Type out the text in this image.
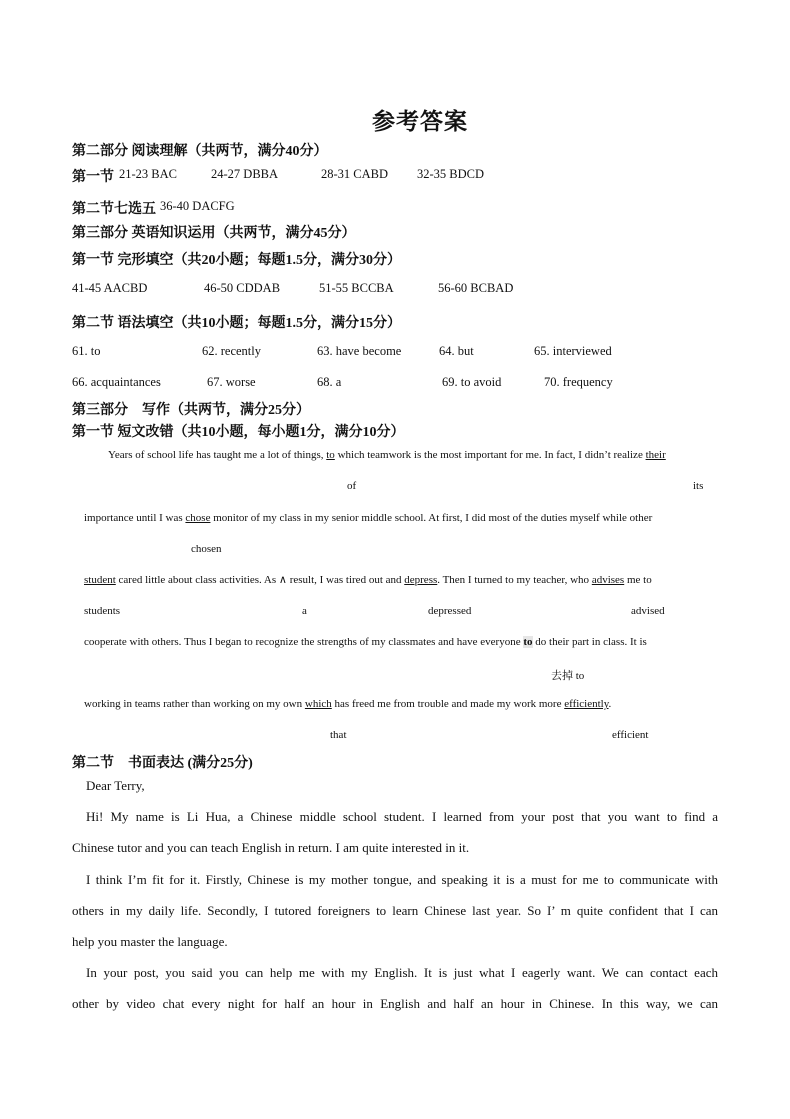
参考答案
第二部分 阅读理解（共两节，满分40分）
第一节 21-23 BAC	24-27 DBBA	28-31 CABD 32-35 BDCD
第二节七选五 36-40 DACFG
第三部分 英语知识运用（共两节，满分45分）
第一节 完形填空（共20小题；每题1.5分，满分30分）
41-45 AACBD	46-50 CDDAB	51-55 BCCBA	56-60 BCBAD
第二节 语法填空（共10小题；每题1.5分，满分15分）
61. to	62. recently	63. have become	64. but	65. interviewed
66. acquaintances	67. worse	68. a	69. to avoid	70. frequency
第三部分　写作（共两节，满分25分）
第一节 短文改错（共10小题，每小题1分，满分10分）
Years of school life has taught me a lot of things, to which teamwork is the most important for me. In fact, I didn’t realize their
of	its
importance until I was chose monitor of my class in my senior middle school. At first, I did most of the duties myself while other
chosen
student cared little about class activities. As ∧ result, I was tired out and depress. Then I turned to my teacher, who advises me to
students	a	depressed	advised
cooperate with others. Thus I began to recognize the strengths of my classmates and have everyone to do their part in class. It is
去掉 to
working in teams rather than working on my own which has freed me from trouble and made my work more efficiently.
that	efficient
第二节　书面表达 (满分25分)
Dear Terry,
Hi! My name is Li Hua, a Chinese middle school student. I learned from your post that you want to find a
Chinese tutor and you can teach English in return. I am quite interested in it.
I think I’m fit for it. Firstly, Chinese is my mother tongue, and speaking it is a must for me to communicate with
others in my daily life. Secondly, I tutored foreigners to learn Chinese last year. So I’ m quite confident that I can
help you master the language.
In your post, you said you can help me with my English. It is just what I eagerly want. We can contact each
other by video chat every night for half an hour in English and half an hour in Chinese. In this way, we can
